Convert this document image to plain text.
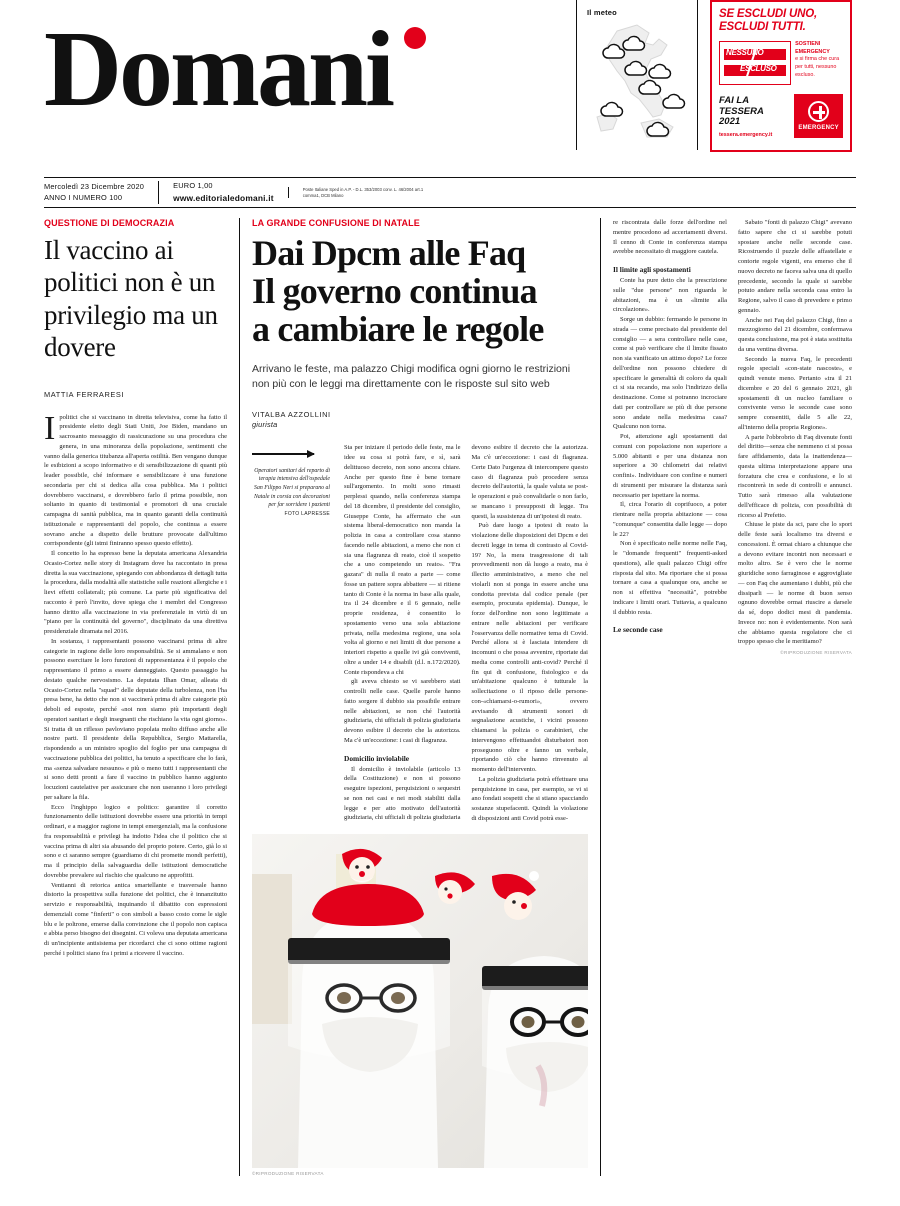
Domani	Il meteo	SE ESCLUDI UNO,
ESCLUDI TUTTI.
NESSUNO
ESCLUSO
SOSTIENI EMERGENCY
e si firma che cura per tutti, nessuno escluso.
FAI LA TESSERA
2021
tessera.emergency.it
EMERGENCY
Mercoledì 23 Dicembre 2020
ANNO I NUMERO 100
EURO 1,00
www.editorialedomani.it
Poste Italiane Sped in A.P. - D.L. 353/2003 conv. L. 46/2004 art.1 comma1, DCB Milano
QUESTIONE DI DEMOCRAZIA
Il vaccino ai politici non è un privilegio ma un dovere
MATTIA FERRARESI

Ipolitici che si vaccinano in diretta televisiva, come ha fatto il presidente eletto degli Stati Uniti, Joe Biden, mandano un sacrosanto messaggio di rassicurazione su una procedura che genera, in una minoranza della popolazione, sentimenti che vanno dalla generica titubanza all'aperta ostilità. Ben vengano dunque le esibizioni a scopo informativo e di sensibilizzazione di quanti più leader possibile, ché informare e sensibilizzare è una funzione secondaria per chi si dedica alla cosa pubblica. Ma i politici dovrebbero vaccinarsi, e dovrebbero farlo il prima possibile, non soltanto in quanto di testimonial e promotori di una cruciale campagna di sanità pubblica, ma in quanto garanti della continuità istituzionale e rappresentanti del popolo, che continua a essere sovrano anche a dispetto delle brutture provocate dall'ultimo corrispondente (gli istmi finiranno spesso questo effetto).

Il concetto lo ha espresso bene la deputata americana Alexandria Ocasio-Cortez nelle story di Instagram dove ha raccontato in presa diretta la sua vaccinazione, spiegando con abbondanza di dettagli tutta la procedura, dalla modalità alle statistiche sulle reazioni allergiche e i lievi effetti collaterali; più comune. La parte più significativa del racconto è però l'invito, dove spiega che i membri del Congresso hanno diritto alla vaccinazione in via preferenziale in virtù di un "piano per la continuità del governo", disciplinato da una direttiva presidenziale diramata nel 2016.

In sostanza, i rappresentanti possono vaccinarsi prima di altre categorie in ragione delle loro responsabilità. Se si ammalano e non possono esercitare le loro funzioni di rappresentanza è il popolo che rappresentano il primo a essere danneggiato. Questo passaggio ha destato qualche nervosismo. La deputata Ilhan Omar, alleata di Ocasio-Cortez nella "squad" delle deputate della turbolenza, non l'ha presa bene, ha detto che non si vaccinerà prima di altre categorie più deboli ed esposte, perché «noi non siamo più importanti degli operatori sanitari e degli insegnanti che rischiano la vita ogni giorno». Si tratta di un riflesso pavloviano popolata molto diffuso anche alle nostre parti. Il presidente della Repubblica, Sergio Mattarella, rispondendo a un ministro spoglio del foglio per una campagna di vaccinazione pubblica dei politici, ha tenuto a specificare che lo farà, ma «senza salvadare nessuno» e più o meno tutti i rappresentanti che si sono detti pronti a fare il vaccino in pubblico hanno aggiunto locuzioni cautelative per assicurare che non useranno i loro privilegi per saltare la fila.

Ecco l'inghippo logico e politico: garantire il corretto funzionamento delle istituzioni dovrebbe essere una priorità in tempi ordinari, e a maggior ragione in tempi emergenziali, ma la confusione fra responsabilità e privilegi ha indotto l'idea che il politico che si vaccina prima di altri sia abusando del proprio potere. Certo, già lo si sono e ci saranno sempre (guardiamo di chi promette mondi perfetti), ma il principio della salvaguardia delle istituzioni democratiche dovrebbe prevalere sul rischio che qualcuno ne approfitti.

Ventianni di retorica antica smartellante e trasversale hanno distorto la prospettiva sulla funzione dei politici, che è innanzitutto servizio e responsabilità, inquinando il dibattito con espressioni demenziali come "finferti" o con simboli a basso costo come le sigle blu e le poltrone, emerse dalla convinzione che il popolo non capisca e abbia perso bisogno dei disegnini. Ci voleva una deputata americana di un'incipiente antisistema per ricordarci che ci sono ottime ragioni perché i politici siano fra i primi a ricevere il vaccino.

LA GRANDE CONFUSIONE DI NATALE
Dai Dpcm alle Faq
Il governo continua
a cambiare le regole
Arrivano le feste, ma palazzo Chigi modifica ogni giorno le restrizioni non più con le leggi ma direttamente con le risposte sul sito web
VITALBA AZZOLLINI
giurista
Operatori sanitari del reparto di terapia intensiva dell'ospedale San Filippo Neri si preparano al Natale in corsia con decorazioni per far sorridere i pazienti FOTO LAPRESSE

Sta per iniziare il periodo delle feste, ma le idee su cosa si potrà fare, e sì, sarà delittuoso decreto, non sono ancora chiare. Anche per questo fine è bene tornare sull'argomento. In molti sono rimasti perplessi quando, nella conferenza stampa del 18 dicembre, il presidente del consiglio, Giuseppe Conte, ha affermato che «un sistema liberal-democratico non manda la polizia in casa a controllare cosa stanno facendo nelle abitazioni, a meno che non ci sia una flagranza di reato, cioè il sospetto che a uno competendo un reato». "Fra gazara" di nulla il reato a parte — come fosse un pattere sopra abbattere — si ritiene tanto di Conte è la norma in base alla quale, tra il 24 dicembre e il 6 gennaio, nelle proprie residenza, è consentito lo spostamento verso una sola abitazione privata, nella medesima regione, una sola volta al giorno e nei limiti di due persone a interiori rispetto a quelle ivi già conviventi, oltre a under 14 e disabili (d.l. n.172/2020). Conte rispondeva a chi

gli aveva chiesto se vi sarebbero stati controlli nelle case. Quelle parole hanno fatto sorgere il dubbio sia possibile entrare nelle abitazioni, se non ché l'autorità giudiziaria, chi ufficiali di polizia giudiziaria devono esibire il decreto che la autorizza. Ma c'è un'eccezione: i casi di flagranza.

Domicilio inviolabile

Il domicilio è inviolabile (articolo 13 della Costituzione) e non si possono eseguire ispezioni, perquisizioni o sequestri se non nei casi e nei modi stabiliti dalla legge e per atto motivato dell'autorità giudiziaria, chi ufficiali di polizia giudiziaria devono esibire il decreto che la autorizza. Ma c'è un'eccezione: i casi di flagranza. Certe Dato l'urgenza di intercompere questo caso di flagranza può procedere senza decreto dell'autorità, la quale valuta se post-le operazioni e può convalidarle o non farlo, se mancano i presupposti di legge. Tra questi, la sussistenza di un'ipotesi di reato.

Può dare luogo a ipotesi di reato la violazione delle disposizioni dei Dpcm e dei decreti legge in tema di contrasto al Covid-19? No, la mera trasgressione di tali provvedimenti non dà luogo a reato, ma è illecito amministrativo, a meno che nel violarli non si ponga in essere anche una condotta prevista dal codice penale (per esempio, procurata epidemia). Dunque, le forze dell'ordine non sono legittimate a entrare nelle abitazioni per verificare l'osservanza delle normative tema di Covid. Perché allora si è lasciata intendere di incomuni o che possa avvenire, riportate dai media come controlli anti-covid? Perché il fin qui di confusione, fisiologico e da un'abitazione qualcuno è tutturale la sollecitazione o il riposo delle persone-con-«chiamarsi-o-rumori», ovvero avvisando di strumenti sonori di segnalazione acustiche, i vicini possono chiamarsi la polizia o carabinieri, che intervengono effettuandoi disturbatori non proseguono oltre e fanno un verbale, riportando ciò che hanno rinvenuto al momento dell'intervento.

La polizia giudiziaria potrà effettuare una perquisizione in casa, per esempio, se vi si ano fondati sospetti che si stiano spacciando sostanze stupefacenti. Quindi la violazione di disposizioni anti Covid potrà esse-

©RIPRODUZIONE RISERVATA

re riscontrata dalle forze dell'ordine nel mentre procedono ad accertamenti diversi. Il cenno di Conte in conferenza stampa avrebbe necessitato di maggiore cautela.

Il limite agli spostamenti

Conte ha pure detto che la prescrizione sulle "due persone" non riguarda le abitazioni, ma è un «limite alla circolazione».

Sorge un dubbio: fermando le persone in strada — come precisato dal presidente del consiglio — a sera controllare nelle case, come si può verificare che il limite fissato non sia vanificato un attimo dopo? Le forze dell'ordine non possono chiedere di specificare le generalità di coloro da quali ci si sta recando, ma solo l'indirizzo della destinazione. Come si potranno incrociare dati per controllare se più di due persone sono andate nella medesima casa? Qualcuno non torna.

Poi, attenzione agli spostamenti dai comuni con popolazione non superiore a 5.000 abitanti e per una distanza non superiore a 30 chilometri dai relativi confini». Individuare con confine e numeri di strumenti per misurare la distanza sarà necessario per ispettare la norma.

Il, circa l'orario di coprifuoco, a poter rientrare nella propria abitazione — cosa "comunque" consentita dalle legge — dopo le 22?

Non è specificato nelle norme nelle Faq, le "domande frequenti" frequenti-asked questions), alle quali palazzo Chigi offre risposta dal sito. Ma riportare che si possa tornare a casa a qualunque ora, anche se non si effettiva "necessità", potrebbe indicare i limiti orari. Tuttavia, a qualcuno il dubbio resta.

Le seconde case

Sabato "fonti di palazzo Chigi" avevano fatto sapere che ci si sarebbe potuti spostare anche nelle seconde case. Ricostruendo il puzzle delle affastellate e contorte regole vigenti, era emerso che il nuovo decreto ne faceva salva una di quello precedente, secondo la quale si sarebbe potuto andare nella seconda casa entro la Regione, salvo il caso di prevedere e primo gennaio.

Anche nei Faq del palazzo Chigi, fino a mezzogiorno del 21 dicembre, confermava questa conclusione, ma poi è stata sostituita da una ventina diversa.

Secondo la nuova Faq, le precedenti regole speciali «con-state nascoste», e quindi venute meno. Pertanto «tra il 21 dicembre e 20 del 6 gennaio 2021, gli spostamenti di un nucleo familiare o convivente verso le seconde case sono sempre consentiti, dalle 5 alle 22, all'interno della propria Regione».

A parte l'obbrobrio di Faq divenute fonti del diritto—senza che nemmeno ci si possa fare affidamento, data la inattendenza—questa ultima interpretazione appare una forzatura che crea e confusione, e lo si riscontrerà in sede di controlli e annunci. Tutto sarà rimesso alla valutazione dell'efficace di polizia, con possibilità di ricorso al Prefetto.

Chiuse le piste da sci, pare che lo sport delle feste sarà localismo tra diversi e concessioni. È ormai chiaro a chiunque che a devono evitare incontri non necessari e molto altro. Se è vero che le norme giuridiche sono farraginose e aggrovigliate — con Faq che aumentano i dubbi, più che dissiparli — le norme di buon senso ognuno dovrebbe ormai riuscire a darsele da sé, dopo dodici mesi di pandemia. Invece no: non è evidentemente. Non sarà che abbiamo questa regolatore che ci troppo spesso che le meritiamo?

©RIPRODUZIONE RISERVATA
